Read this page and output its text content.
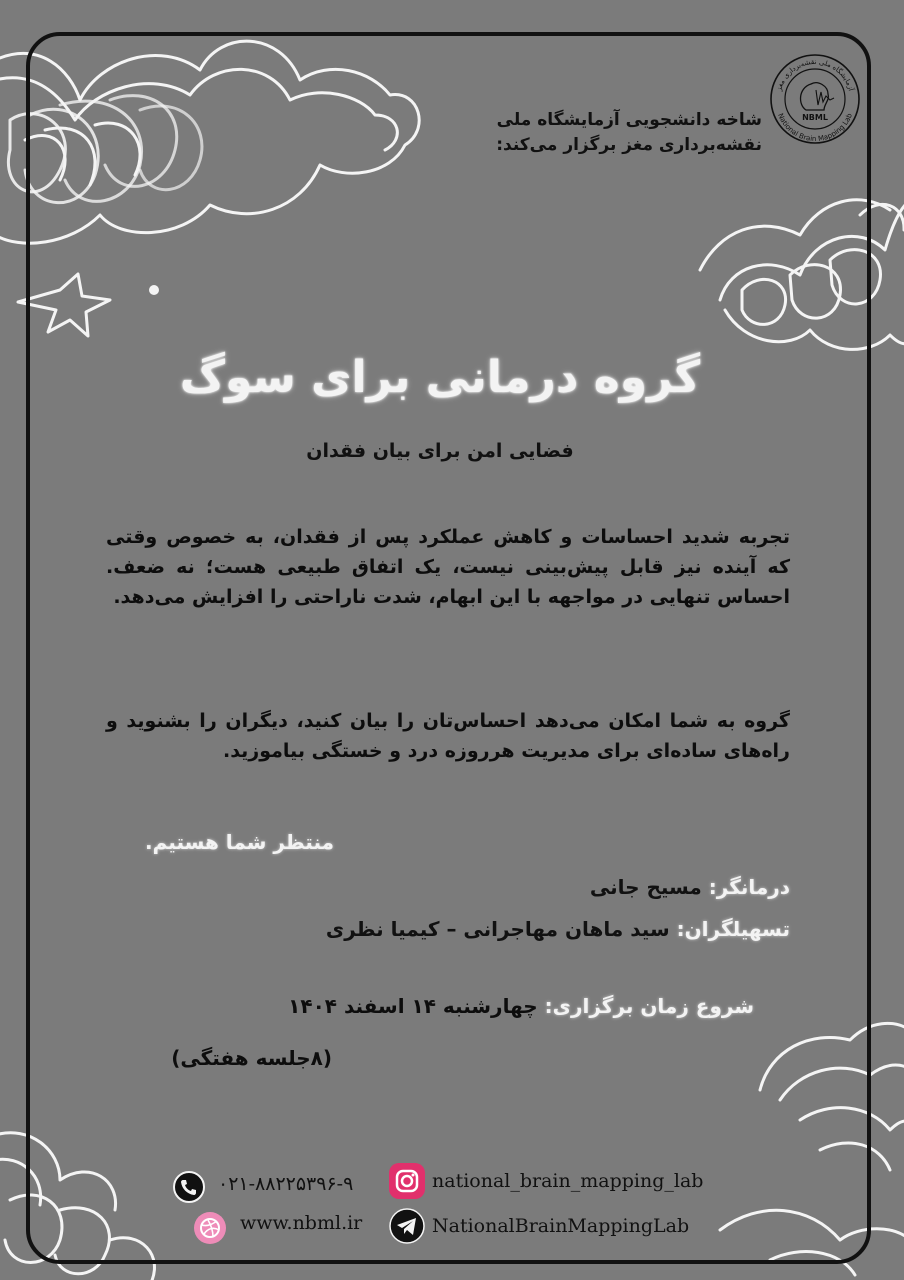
آزمایشگاه ملی نقشه‌برداری مغز
National Brain Mapping Lab
NBML
شاخه دانشجویی آزمایشگاه ملی
نقشه‌برداری مغز برگزار می‌کند:
گروه درمانی برای سوگ
فضایی امن برای بیان فقدان
تجربه شدید احساسات و کاهش عملکرد پس از فقدان، به خصوص وقتی که آینده نیز قابل پیش‌بینی نیست، یک اتفاق طبیعی هست؛ نه ضعف. احساس تنهایی در مواجهه با این ابهام، شدت ناراحتی را افزایش می‌دهد.
گروه به شما امکان می‌دهد احساس‌تان را بیان کنید، دیگران را بشنوید و راه‌های ساده‌ای برای مدیریت هرروزه درد و خستگی بیاموزید.
منتظر شما هستیم.
درمانگر: مسیح جانی
تسهیلگران: سید ماهان مهاجرانی – کیمیا نظری
شروع زمان برگزاری: چهارشنبه ۱۴ اسفند ۱۴۰۴
(۸جلسه هفتگی)
۰۲۱-۸۸۲۲۵۳۹۶-۹	national_brain_mapping_lab
www.nbml.ir	NationalBrainMappingLab
